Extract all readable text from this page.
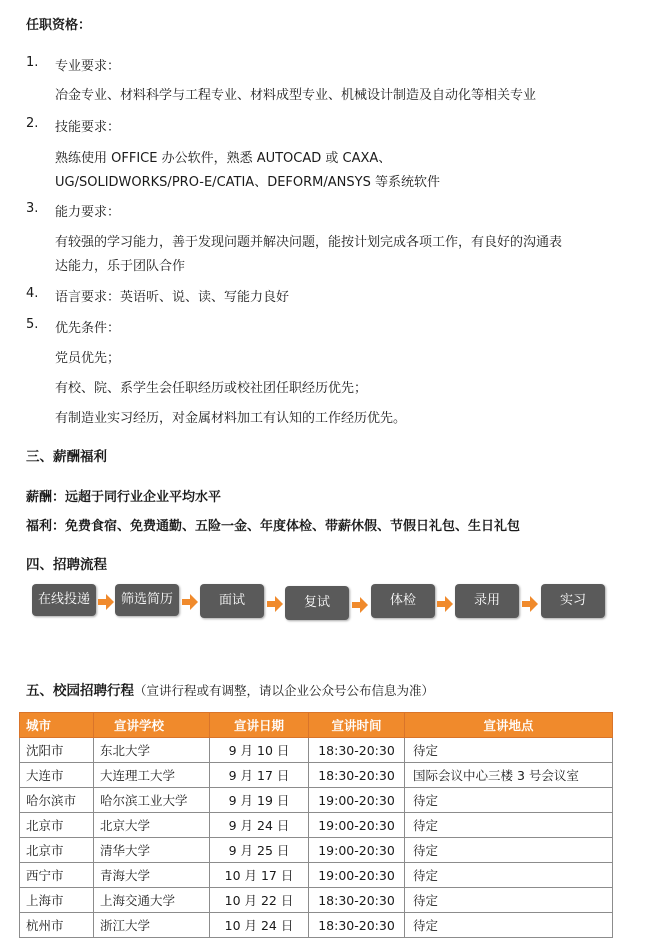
任职资格：
1. 专业要求：
冶金专业、材料科学与工程专业、材料成型专业、机械设计制造及自动化等相关专业
2. 技能要求：
熟练使用 OFFICE 办公软件，熟悉 AUTOCAD 或 CAXA、
UG/SOLIDWORKS/PRO-E/CATIA、DEFORM/ANSYS 等系统软件
3. 能力要求：
有较强的学习能力，善于发现问题并解决问题，能按计划完成各项工作，有良好的沟通表
达能力，乐于团队合作
4. 语言要求：英语听、说、读、写能力良好
5. 优先条件：
党员优先；
有校、院、系学生会任职经历或校社团任职经历优先；
有制造业实习经历，对金属材料加工有认知的工作经历优先。
三、薪酬福利
薪酬：远超于同行业企业平均水平
福利：免费食宿、免费通勤、五险一金、年度体检、带薪休假、节假日礼包、生日礼包
四、招聘流程
在线投递	筛选简历	面试	复试	体检	录用	实习
五、校园招聘行程（宣讲行程或有调整，请以企业公众号公布信息为准）
城市	宣讲学校	宣讲日期	宣讲时间	宣讲地点
沈阳市	东北大学	9 月 10 日	18:30-20:30	待定
大连市	大连理工大学	9 月 17 日	18:30-20:30	国际会议中心三楼 3 号会议室
哈尔滨市	哈尔滨工业大学	9 月 19 日	19:00-20:30	待定
北京市	北京大学	9 月 24 日	19:00-20:30	待定
北京市	清华大学	9 月 25 日	19:00-20:30	待定
西宁市	青海大学	10 月 17 日	19:00-20:30	待定
上海市	上海交通大学	10 月 22 日	18:30-20:30	待定
杭州市	浙江大学	10 月 24 日	18:30-20:30	待定
